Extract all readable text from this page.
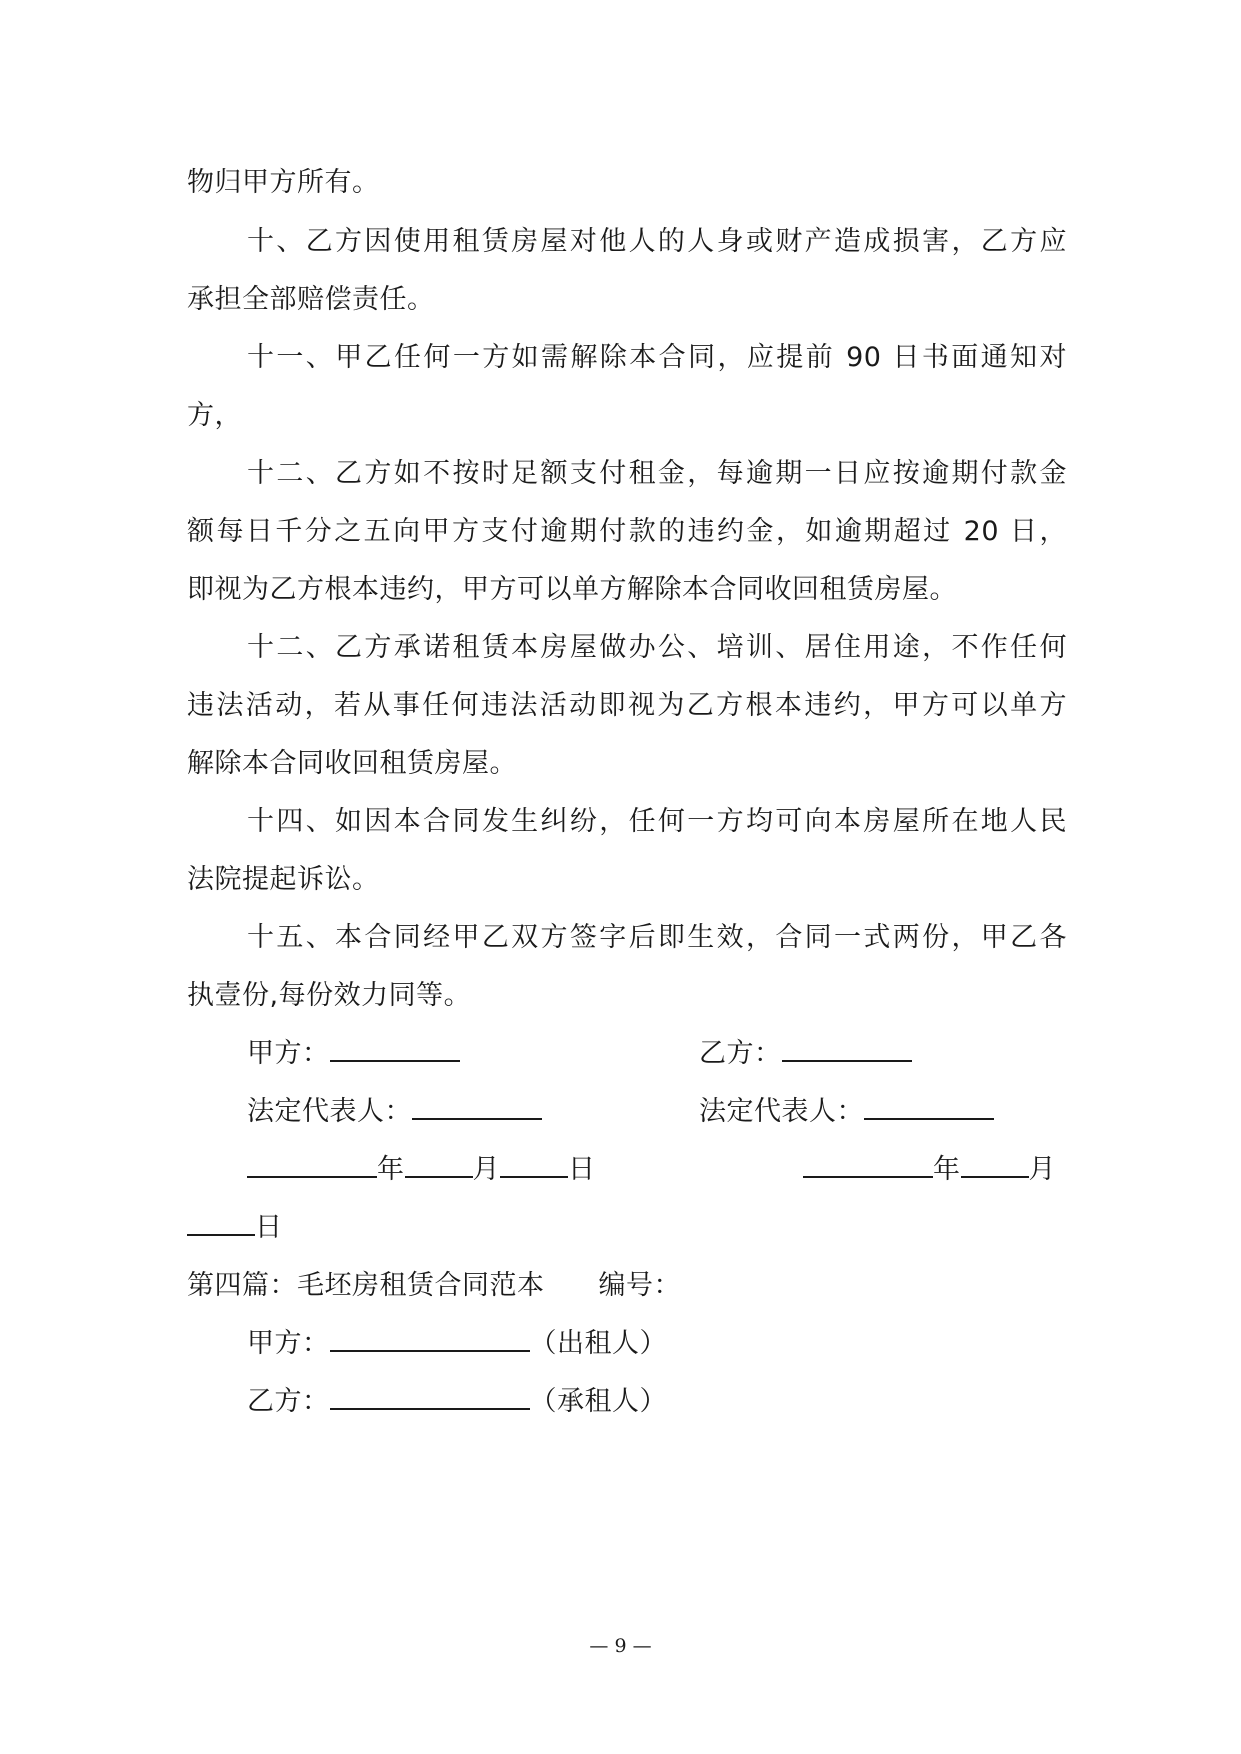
物归甲方所有。
十、乙方因使用租赁房屋对他人的人身或财产造成损害，乙方应
承担全部赔偿责任。
十一、甲乙任何一方如需解除本合同，应提前 90 日书面通知对
方，
十二、乙方如不按时足额支付租金，每逾期一日应按逾期付款金
额每日千分之五向甲方支付逾期付款的违约金，如逾期超过 20 日，
即视为乙方根本违约，甲方可以单方解除本合同收回租赁房屋。
十二、乙方承诺租赁本房屋做办公、培训、居住用途，不作任何
违法活动，若从事任何违法活动即视为乙方根本违约，甲方可以单方
解除本合同收回租赁房屋。
十四、如因本合同发生纠纷，任何一方均可向本房屋所在地人民
法院提起诉讼。
十五、本合同经甲乙双方签字后即生效，合同一式两份，甲乙各
执壹份,每份效力同等。
甲方：	乙方：
法定代表人：	法定代表人：
年	月	日	年	月
日
第四篇：毛坯房租赁合同范本 编号：
甲方：	（出租人）
乙方：	（承租人）
— 9 —
